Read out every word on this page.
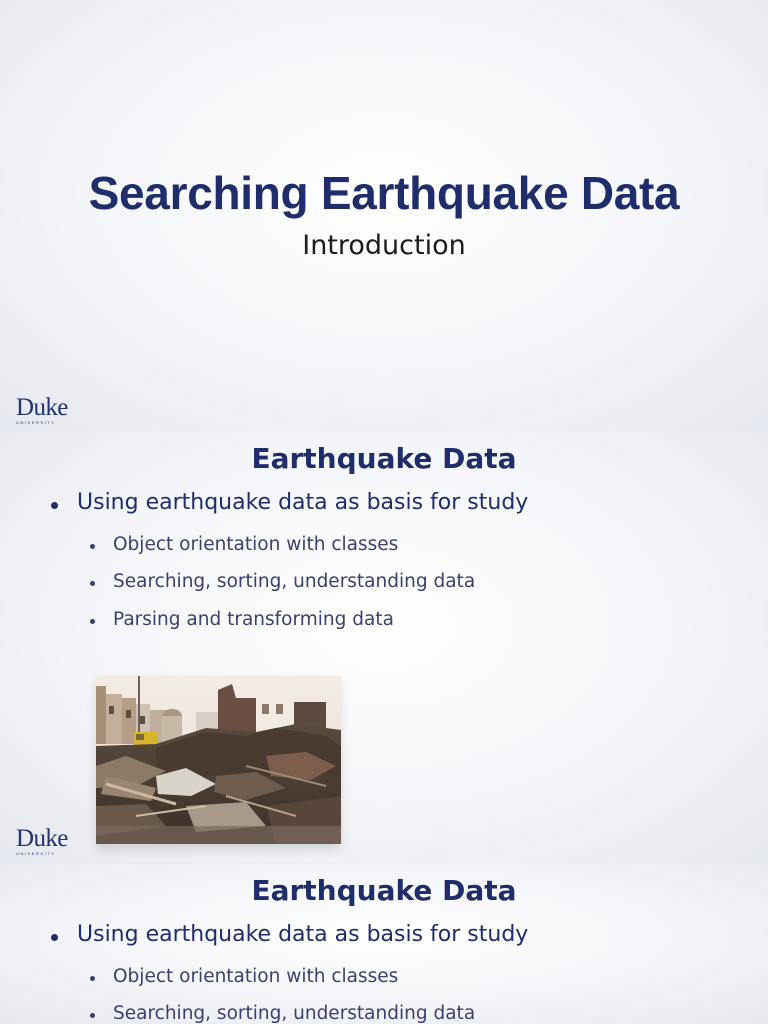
Searching Earthquake Data
Introduction
Duke
UNIVERSITY
Earthquake Data
Using earthquake data as basis for study
Object orientation with classes
Searching, sorting, understanding data
Parsing and transforming data
Duke
UNIVERSITY
Earthquake Data
Using earthquake data as basis for study
Object orientation with classes
Searching, sorting, understanding data
